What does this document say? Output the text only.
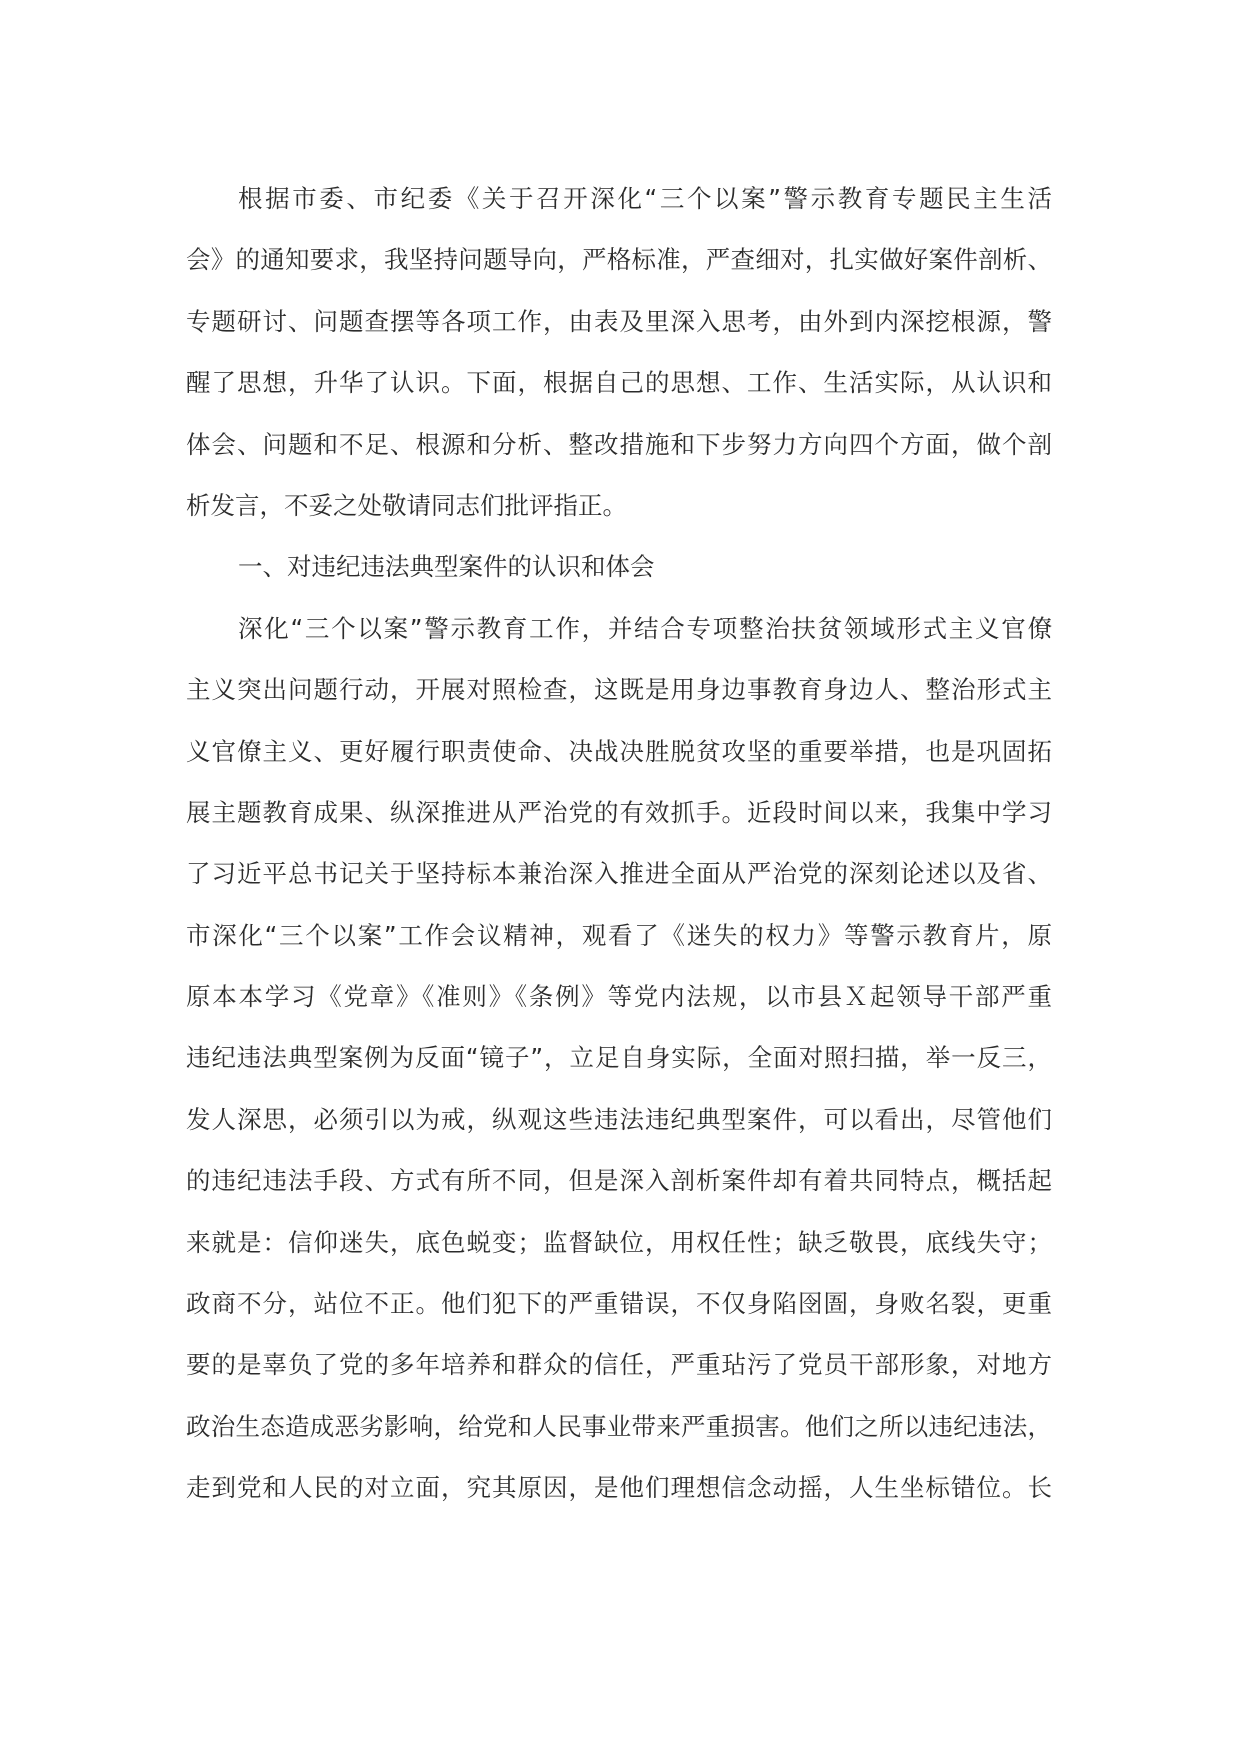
根据市委、市纪委《关于召开深化“三个以案”警示教育专题民主生活
会》的通知要求，我坚持问题导向，严格标准，严查细对，扎实做好案件剖析、
专题研讨、问题查摆等各项工作，由表及里深入思考，由外到内深挖根源，警
醒了思想，升华了认识。下面，根据自己的思想、工作、生活实际，从认识和
体会、问题和不足、根源和分析、整改措施和下步努力方向四个方面，做个剖
析发言，不妥之处敬请同志们批评指正。
一、对违纪违法典型案件的认识和体会
深化“三个以案”警示教育工作，并结合专项整治扶贫领域形式主义官僚
主义突出问题行动，开展对照检查，这既是用身边事教育身边人、整治形式主
义官僚主义、更好履行职责使命、决战决胜脱贫攻坚的重要举措，也是巩固拓
展主题教育成果、纵深推进从严治党的有效抓手。近段时间以来，我集中学习
了习近平总书记关于坚持标本兼治深入推进全面从严治党的深刻论述以及省、
市深化“三个以案”工作会议精神，观看了《迷失的权力》等警示教育片，原
原本本学习《党章》《准则》《条例》等党内法规，以市县Ｘ起领导干部严重
违纪违法典型案例为反面“镜子”，立足自身实际，全面对照扫描，举一反三，
发人深思，必须引以为戒，纵观这些违法违纪典型案件，可以看出，尽管他们
的违纪违法手段、方式有所不同，但是深入剖析案件却有着共同特点，概括起
来就是：信仰迷失，底色蜕变；监督缺位，用权任性；缺乏敬畏，底线失守；
政商不分，站位不正。他们犯下的严重错误，不仅身陷囹圄，身败名裂，更重
要的是辜负了党的多年培养和群众的信任，严重玷污了党员干部形象，对地方
政治生态造成恶劣影响，给党和人民事业带来严重损害。他们之所以违纪违法，
走到党和人民的对立面，究其原因，是他们理想信念动摇，人生坐标错位。长
